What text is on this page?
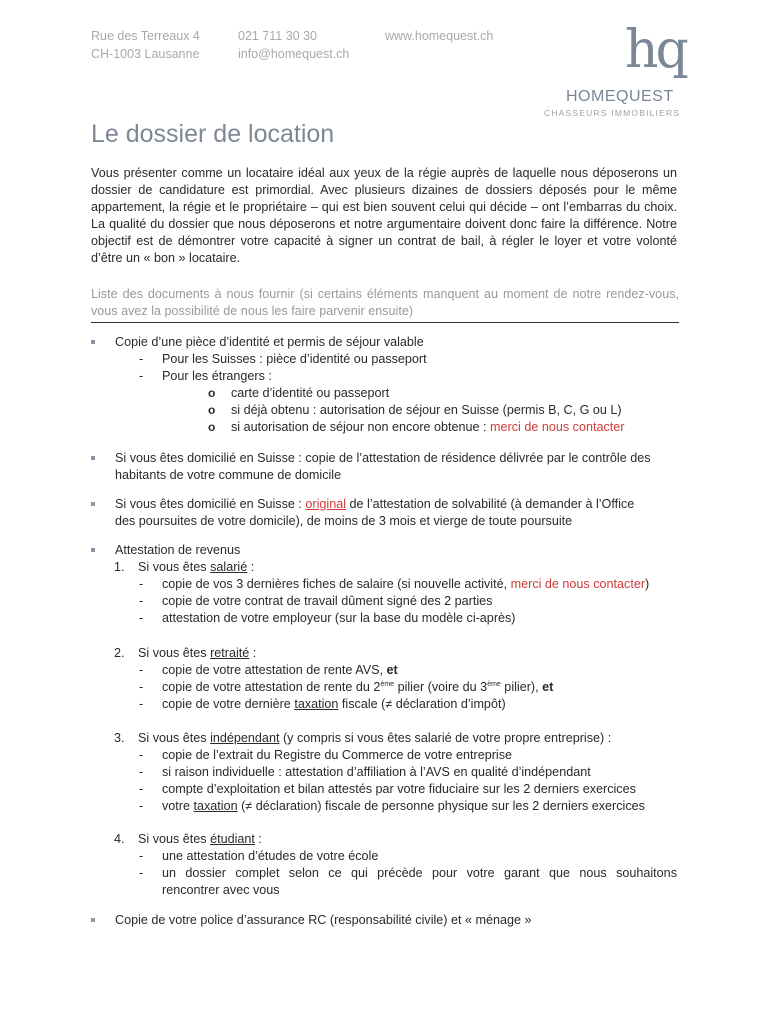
Rue des Terreaux 4
CH-1003 Lausanne
021 711 30 30
info@homequest.ch
www.homequest.ch	hq
HOMEQUEST
CHASSEURS IMMOBILIERS
Le dossier de location

Vous présenter comme un locataire idéal aux yeux de la régie auprès de laquelle nous déposerons un dossier de candidature est primordial. Avec plusieurs dizaines de dossiers déposés pour le même appartement, la régie et le propriétaire – qui est bien souvent celui qui décide – ont l’embarras du choix. La qualité du dossier que nous déposerons et notre argumentaire doivent donc faire la différence. Notre objectif est de démontrer votre capacité à signer un contrat de bail, à régler le loyer et votre volonté d’être un « bon » locataire.

Liste des documents à nous fournir (si certains éléments manquent au moment de notre rendez-vous, vous avez la possibilité de nous les faire parvenir ensuite)
Copie d’une pièce d’identité et permis de séjour valable
- Pour les Suisses : pièce d’identité ou passeport
- Pour les étrangers :
o carte d’identité ou passeport
o si déjà obtenu : autorisation de séjour en Suisse (permis B, C, G ou L)
o si autorisation de séjour non encore obtenue : merci de nous contacter
Si vous êtes domicilié en Suisse : copie de l’attestation de résidence délivrée par le contrôle des
habitants de votre commune de domicile
Si vous êtes domicilié en Suisse : original de l’attestation de solvabilité (à demander à l’Office
des poursuites de votre domicile), de moins de 3 mois et vierge de toute poursuite
Attestation de revenus
1. Si vous êtes salarié :
- copie de vos 3 dernières fiches de salaire (si nouvelle activité, merci de nous contacter)
- copie de votre contrat de travail dûment signé des 2 parties
- attestation de votre employeur (sur la base du modèle ci-après)
2. Si vous êtes retraité :
- copie de votre attestation de rente AVS, et
- copie de votre attestation de rente du 2ème pilier (voire du 3ème pilier), et
- copie de votre dernière taxation fiscale (≠ déclaration d’impôt)
3. Si vous êtes indépendant (y compris si vous êtes salarié de votre propre entreprise) :
- copie de l’extrait du Registre du Commerce de votre entreprise
- si raison individuelle : attestation d’affiliation à l’AVS en qualité d’indépendant
- compte d’exploitation et bilan attestés par votre fiduciaire sur les 2 derniers exercices
- votre taxation (≠ déclaration) fiscale de personne physique sur les 2 derniers exercices
4. Si vous êtes étudiant :
- une attestation d’études de votre école
- un dossier complet selon ce qui précède pour votre garant que nous souhaitons
rencontrer avec vous
Copie de votre police d’assurance RC (responsabilité civile) et « ménage »
